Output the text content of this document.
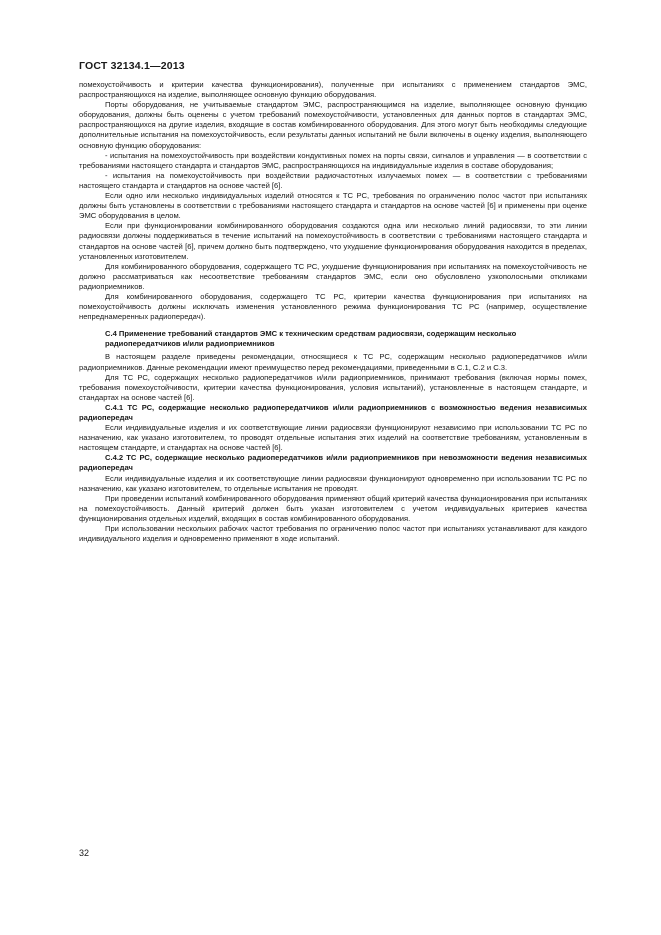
ГОСТ 32134.1—2013

помехоустойчивость и критерии качества функционирования), полученные при испытаниях с применением стандартов ЭМС, распространяющихся на изделие, выполняющее основную функцию оборудования.

Порты оборудования, не учитываемые стандартом ЭМС, распространяющимся на изделие, выполняющее основную функцию оборудования, должны быть оценены с учетом требований помехоустойчивости, установленных для данных портов в стандартах ЭМС, распространяющихся на другие изделия, входящие в состав комбинированного оборудования. Для этого могут быть необходимы следующие дополнительные испытания на помехоустойчивость, если результаты данных испытаний не были включены в оценку изделия, выполняющего основную функцию оборудования:

- испытания на помехоустойчивость при воздействии кондуктивных помех на порты связи, сигналов и управления — в соответствии с требованиями настоящего стандарта и стандартов ЭМС, распространяющихся на индивидуальные изделия в составе оборудования;

- испытания на помехоустойчивость при воздействии радиочастотных излучаемых помех — в соответствии с требованиями настоящего стандарта и стандартов на основе частей [6].

Если одно или несколько индивидуальных изделий относятся к ТС РС, требования по ограничению полос частот при испытаниях должны быть установлены в соответствии с требованиями настоящего стандарта и стандартов на основе частей [6] и применены при оценке ЭМС оборудования в целом.

Если при функционировании комбинированного оборудования создаются одна или несколько линий радиосвязи, то эти линии радиосвязи должны поддерживаться в течение испытаний на помехоустойчивость в соответствии с требованиями настоящего стандарта и стандартов на основе частей [6], причем должно быть подтверждено, что ухудшение функционирования оборудования находится в пределах, установленных изготовителем.

Для комбинированного оборудования, содержащего ТС РС, ухудшение функционирования при испытаниях на помехоустойчивость не должно рассматриваться как несоответствие требованиям стандартов ЭМС, если оно обусловлено узкополосными откликами радиоприемников.

Для комбинированного оборудования, содержащего ТС РС, критерии качества функционирования при испытаниях на помехоустойчивость должны исключать изменения установленного режима функционирования ТС РС (например, осуществление непреднамеренных радиопередач).

С.4 Применение требований стандартов ЭМС к техническим средствам радиосвязи, содержащим несколько радиопередатчиков и/или радиоприемников

В настоящем разделе приведены рекомендации, относящиеся к ТС РС, содержащим несколько радиопередатчиков и/или радиоприемников. Данные рекомендации имеют преимущество перед рекомендациями, приведенными в С.1, С.2 и С.3.

Для ТС РС, содержащих несколько радиопередатчиков и/или радиоприемников, принимают требования (включая нормы помех, требования помехоустойчивости, критерии качества функционирования, условия испытаний), установленные в настоящем стандарте, и стандартах на основе частей [6].

С.4.1 ТС РС, содержащие несколько радиопередатчиков и/или радиоприемников с возможностью ведения независимых радиопередач

Если индивидуальные изделия и их соответствующие линии радиосвязи функционируют независимо при использовании ТС РС по назначению, как указано изготовителем, то проводят отдельные испытания этих изделий на соответствие требованиям, установленным в настоящем стандарте, и стандартах на основе частей [6].

С.4.2 ТС РС, содержащие несколько радиопередатчиков и/или радиоприемников при невозможности ведения независимых радиопередач

Если индивидуальные изделия и их соответствующие линии радиосвязи функционируют одновременно при использовании ТС РС по назначению, как указано изготовителем, то отдельные испытания не проводят.

При проведении испытаний комбинированного оборудования применяют общий критерий качества функционирования при испытаниях на помехоустойчивость. Данный критерий должен быть указан изготовителем с учетом индивидуальных критериев качества функционирования отдельных изделий, входящих в состав комбинированного оборудования.

При использовании нескольких рабочих частот требования по ограничению полос частот при испытаниях устанавливают для каждого индивидуального изделия и одновременно применяют в ходе испытаний.

32
